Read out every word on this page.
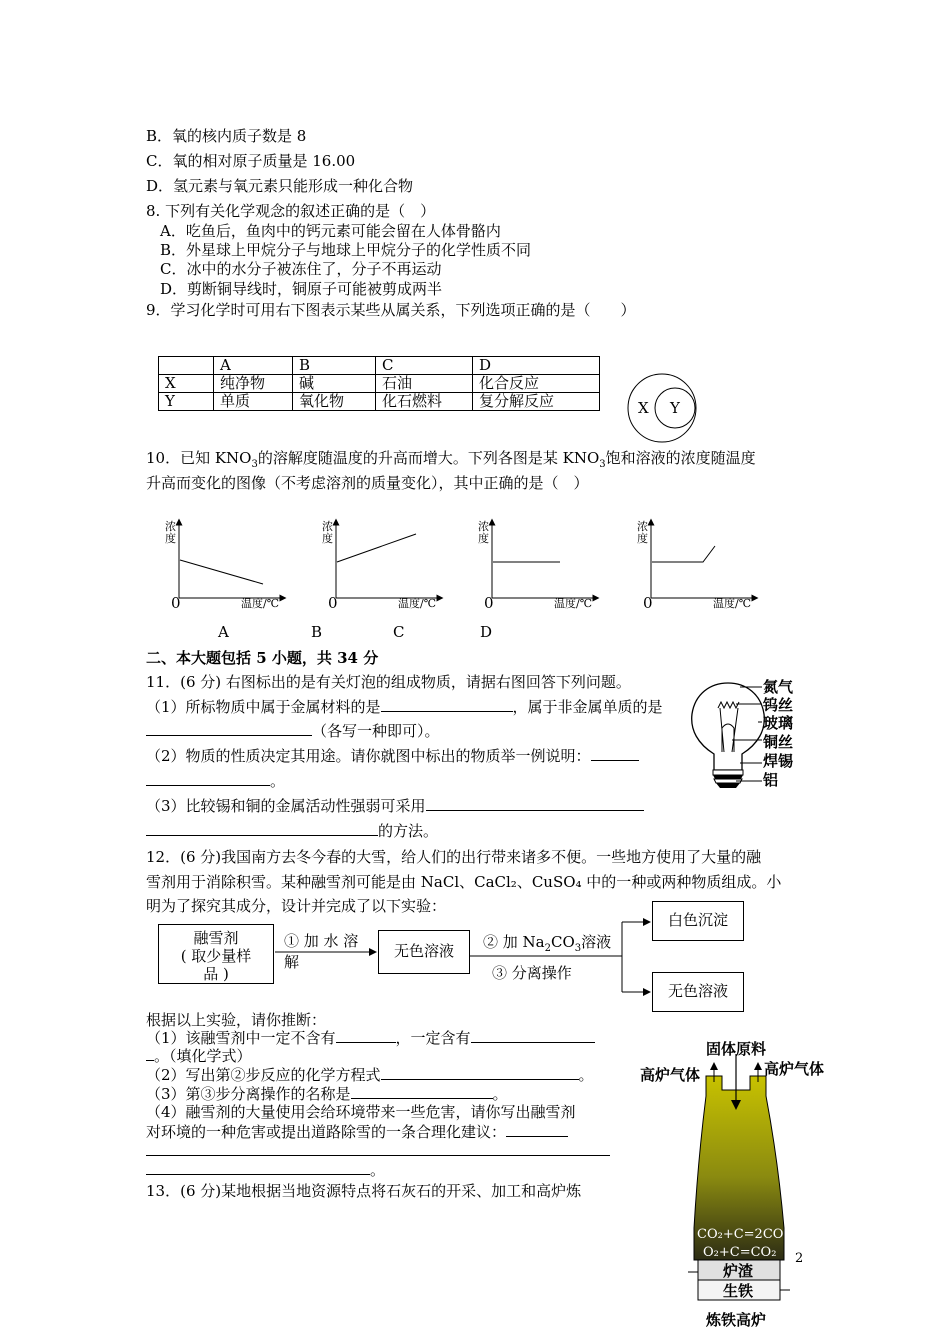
B．氧的核内质子数是 8
C．氧的相对原子质量是 16.00
D．氢元素与氧元素只能形成一种化合物
8. 下列有关化学观念的叙述正确的是（　）
A．吃鱼后，鱼肉中的钙元素可能会留在人体骨骼内
B．外星球上甲烷分子与地球上甲烷分子的化学性质不同
C．冰中的水分子被冻住了，分子不再运动
D．剪断铜导线时，铜原子可能被剪成两半
9．学习化学时可用右下图表示某些从属关系，下列选项正确的是（　　）
	A	B	C	D
X	纯净物	碱	石油	化合反应
Y	单质	氧化物	化石燃料	复分解反应	X Y
10．已知 $KNO_3$的溶解度随温度的升高而增大。下列各图是某 $KNO_3$饱和溶液的浓度随温度
升高而变化的图像（不考虑溶剂的质量变化），其中正确的是（　）
浓
度
0	温度/℃
浓
度
0	温度/℃
浓
度
0	温度/℃
浓
度
0	温度/℃
A	B	C	D
二、本大题包括 5 小题，共 34 分
11．(6 分) 右图标出的是有关灯泡的组成物质，请据右图回答下列问题。
（1）所标物质中属于金属材料的是	，属于非金属单质的是
（各写一种即可）。
（2）物质的性质决定其用途。请你就图中标出的物质举一例说明：
。
（3）比较锡和铜的金属活动性强弱可采用
的方法。
氮气
钨丝
玻璃
铜丝
焊锡
铝
12．(6 分)我国南方去冬今春的大雪，给人们的出行带来诸多不便。一些地方使用了大量的融
雪剂用于消除积雪。某种融雪剂可能是由 NaCl、CaCl₂、CuSO₄ 中的一种或两种物质组成。小
明为了探究其成分，设计并完成了以下实验：
融雪剂
( 取少量样
品 )
① 加 水 溶
解
无色溶液	② 加 $Na_2CO_3$溶液
③ 分离操作
白色沉淀
无色溶液
根据以上实验，请你推断：
（1）该融雪剂中一定不含有	，一定含有
。（填化学式）
（2）写出第②步反应的化学方程式	。
（3）第③步分离操作的名称是	。
（4）融雪剂的大量使用会给环境带来一些危害，请你写出融雪剂
对环境的一种危害或提出道路除雪的一条合理化建议：
。
13．(6 分)某地根据当地资源特点将石灰石的开采、加工和高炉炼
固体原料
高炉气体	高炉气体
CO₂+C=2CO
O₂+C=CO₂ 2
炉渣
生铁
炼铁高炉
